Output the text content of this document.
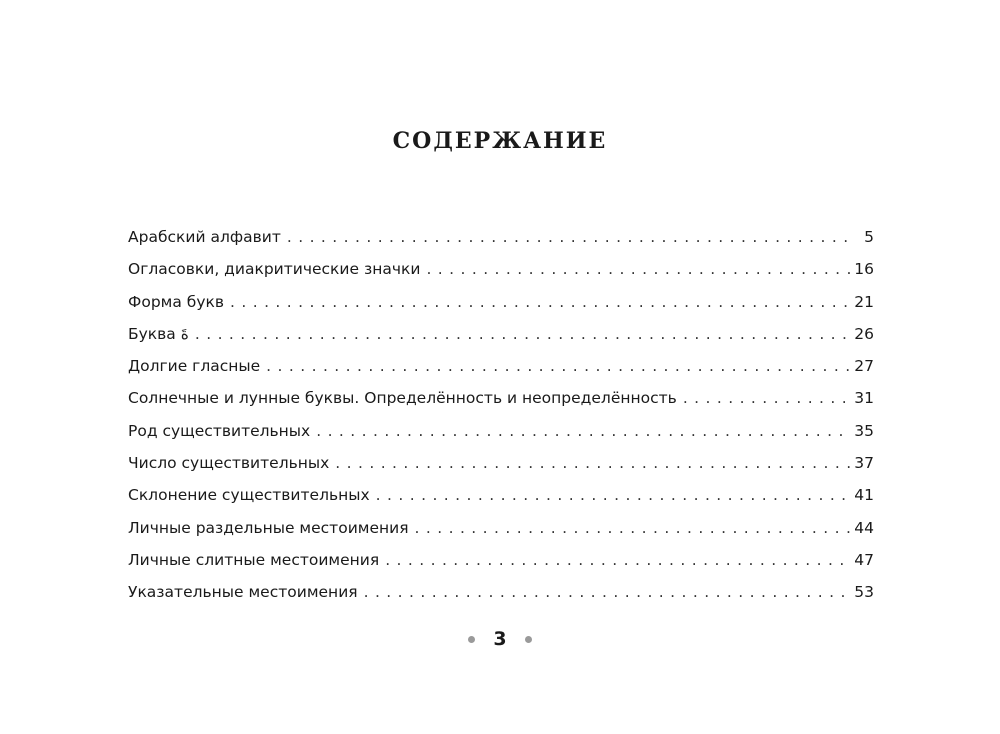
СОДЕРЖАНИЕ
Арабский алфавит . . .	5
Огласовки, диакритические значки . . .	16
Форма букв . . .	21
Буква ةَ . . .	26
Долгие гласные . . .	27
Солнечные и лунные буквы. Определённость и неопределённость . . .	31
Род существительных . . .	35
Число существительных . . .	37
Склонение существительных . . .	41
Личные раздельные местоимения . . .	44
Личные слитные местоимения . . .	47
Указательные местоимения . . .	53
3
